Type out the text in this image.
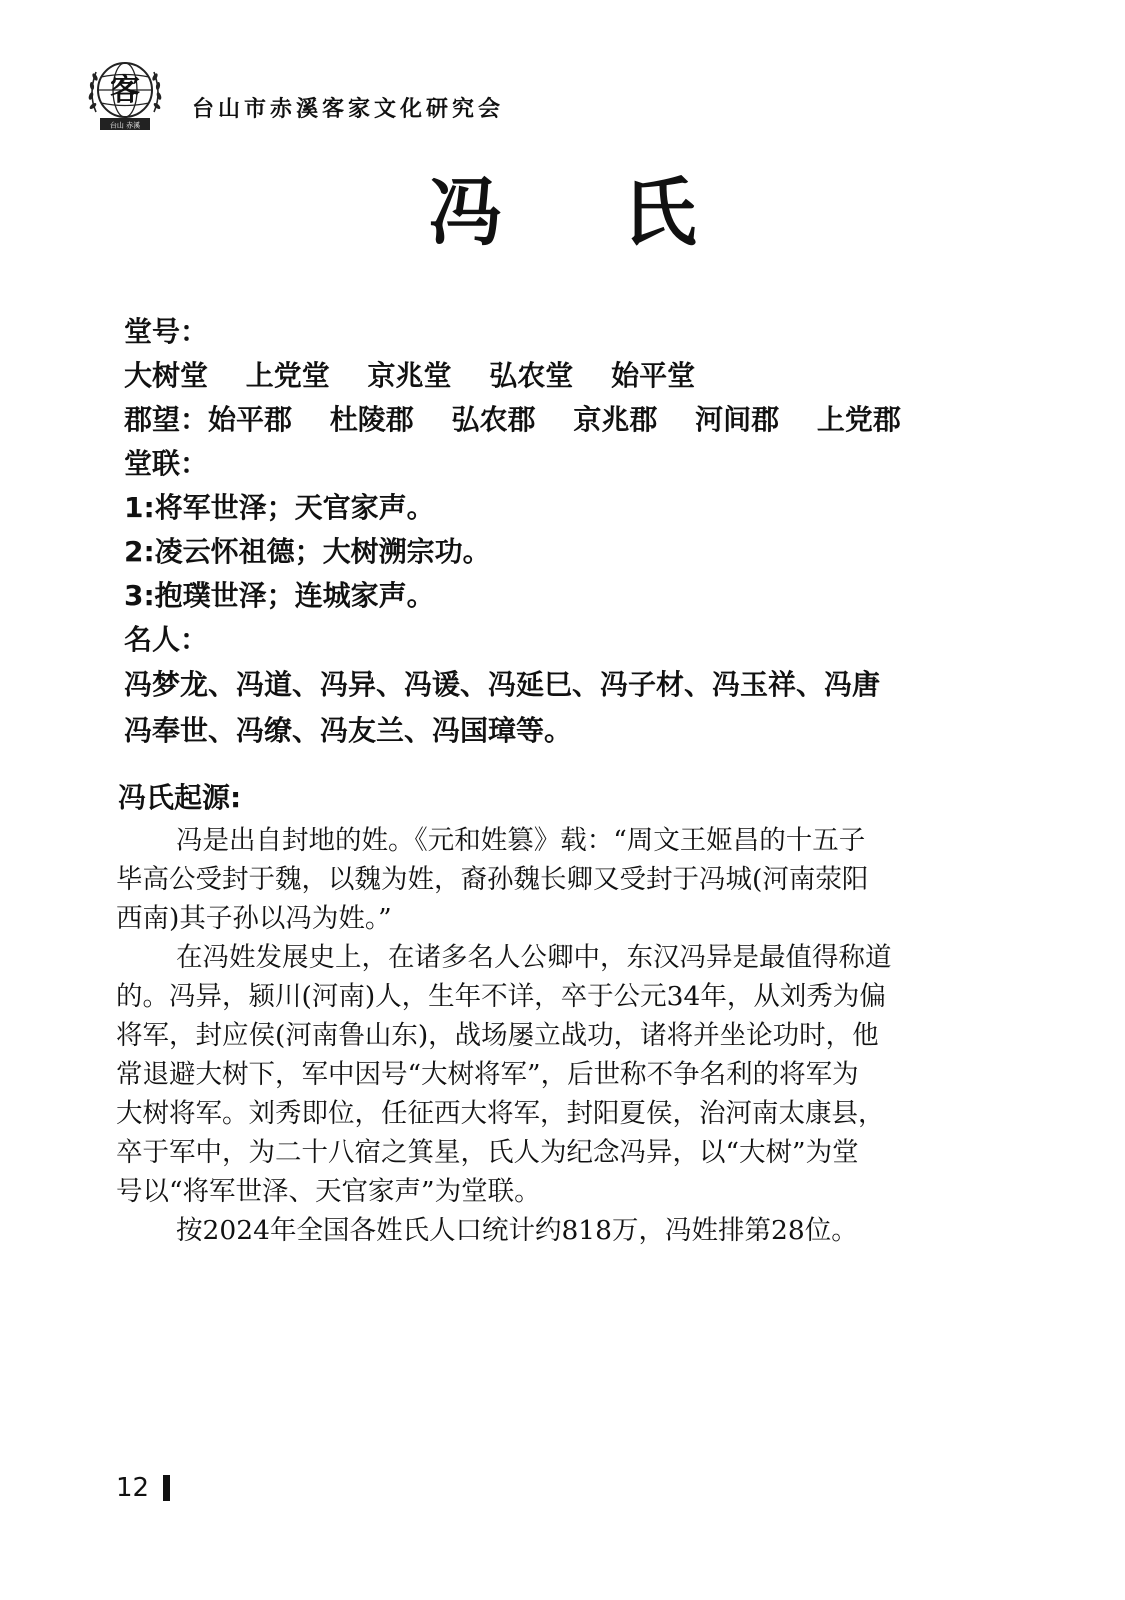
客
台山 赤溪
台山市赤溪客家文化研究会
冯 氏
堂号：
大树堂 上党堂 京兆堂 弘农堂 始平堂
郡望：始平郡 杜陵郡 弘农郡 京兆郡 河间郡 上党郡
堂联：
1:将军世泽；天官家声。
2:凌云怀祖德；大树溯宗功。
3:抱璞世泽；连城家声。
名人：
冯梦龙、冯道、冯异、冯谖、冯延巳、冯子材、冯玉祥、冯唐
冯奉世、冯缭、冯友兰、冯国璋等。
冯氏起源:
冯是出自封地的姓。《元和姓篡》载：“周文王姬昌的十五子
毕高公受封于魏，以魏为姓，裔孙魏长卿又受封于冯城(河南荥阳
西南)其子孙以冯为姓。”
在冯姓发展史上，在诸多名人公卿中，东汉冯异是最值得称道
的。冯异，颍川(河南)人，生年不详，卒于公元34年，从刘秀为偏
将军，封应侯(河南鲁山东)，战场屡立战功，诸将并坐论功时，他
常退避大树下，军中因号“大树将军”，后世称不争名利的将军为
大树将军。刘秀即位，任征西大将军，封阳夏侯，治河南太康县，
卒于军中，为二十八宿之箕星，氏人为纪念冯异，以“大树”为堂
号以“将军世泽、天官家声”为堂联。
按2024年全国各姓氏人口统计约818万，冯姓排第28位。
12
